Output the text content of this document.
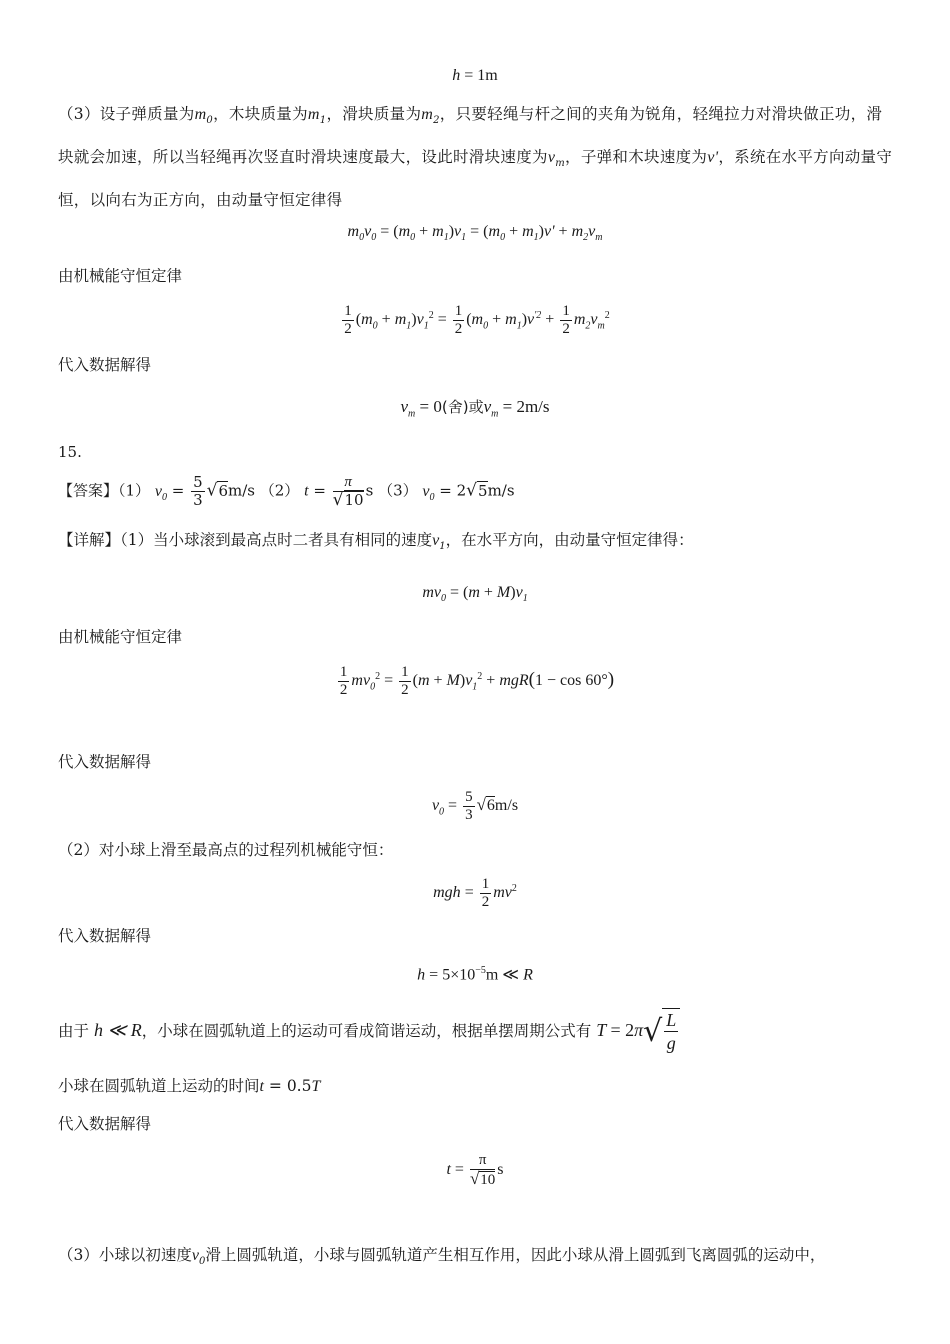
h = 1m
（3）设子弹质量为$m_0$，木块质量为$m_1$，滑块质量为$m_2$，只要轻绳与杆之间的夹角为锐角，轻绳拉力对滑块做正功，滑块就会加速，所以当轻绳再次竖直时滑块速度最大，设此时滑块速度为$v_m$，子弹和木块速度为v'，系统在水平方向动量守恒，以向右为正方向，由动量守恒定律得
$m_0v_0 = (m_0 + m_1)v_1 = (m_0 + m_1)v' + m_2v_m$
由机械能守恒定律
$\frac{1}{2} (m_0 + m_1)v_1^2 = \frac{1}{2} (m_0 + m_1)v^{'2} + \frac{1}{2} m_2v_m^2$
代入数据解得
$v_m = 0$(舍)或$v_m = 2m/s$
15.
【答案】（1） $v_0 = \frac{5}{3} √6m/s$ （2） $t = \frac{\pi}{√10}$ s （3） $v_0 = 2√5m/s$
【详解】（1）当小球滚到最高点时二者具有相同的速度$v_1$，在水平方向，由动量守恒定律得：
$mv_0 = (m + M)v_1$
由机械能守恒定律
$\frac{1}{2} mv_0^2 = \frac{1}{2} (m + M)v_1^2 + mgR(1 - \cos 60^\circ)$
代入数据解得
$v_0 = \frac{5}{3} √6m/s$
（2）对小球上滑至最高点的过程列机械能守恒：
mgh = $\frac{1}{2} mv^2$
代入数据解得
$h = 5\times 10^{-5}m$ ≪ R
由于 h ≪ R，小球在圆弧轨道上的运动可看成简谐运动，根据单摆周期公式有 $T = 2\pi√ \frac{L}{g}$
小球在圆弧轨道上运动的时间t = 0.5T
代入数据解得
$t = \frac{\pi}{√10}$ s
（3）小球以初速度$v_0$滑上圆弧轨道，小球与圆弧轨道产生相互作用，因此小球从滑上圆弧到飞离圆弧的运动中，
